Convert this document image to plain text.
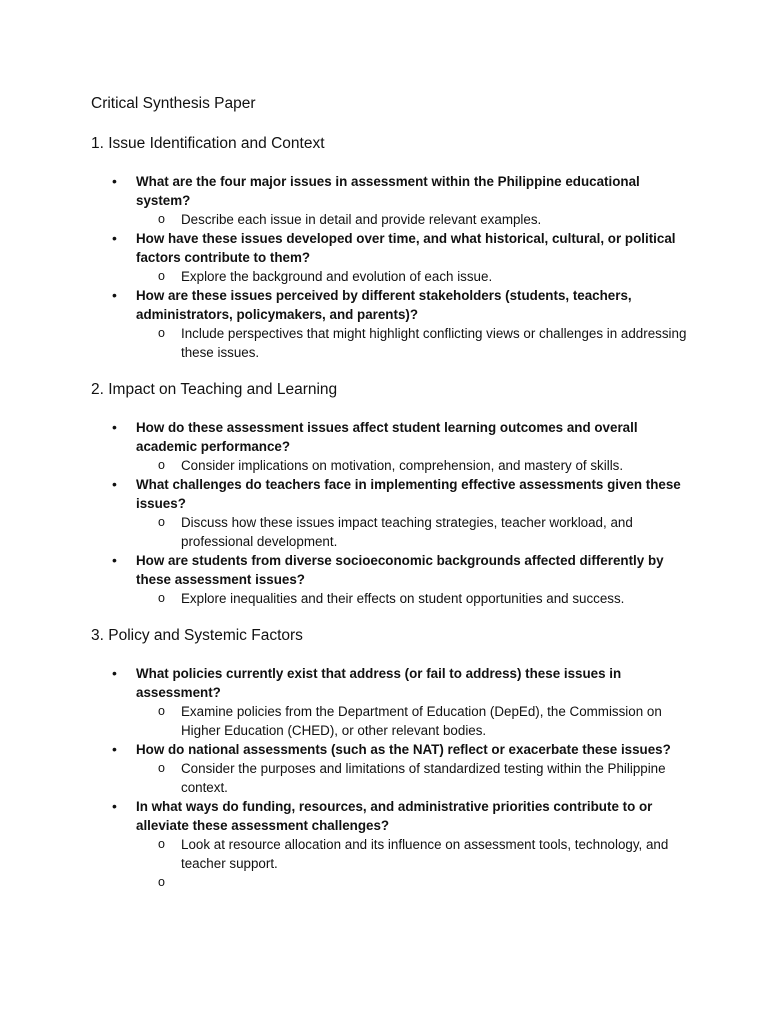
Critical Synthesis Paper
1. Issue Identification and Context
• What are the four major issues in assessment within the Philippine educational system?
o Describe each issue in detail and provide relevant examples.
• How have these issues developed over time, and what historical, cultural, or political factors contribute to them?
o Explore the background and evolution of each issue.
• How are these issues perceived by different stakeholders (students, teachers, administrators, policymakers, and parents)?
o Include perspectives that might highlight conflicting views or challenges in addressing these issues.
2. Impact on Teaching and Learning
• How do these assessment issues affect student learning outcomes and overall academic performance?
o Consider implications on motivation, comprehension, and mastery of skills.
• What challenges do teachers face in implementing effective assessments given these issues?
o Discuss how these issues impact teaching strategies, teacher workload, and professional development.
• How are students from diverse socioeconomic backgrounds affected differently by these assessment issues?
o Explore inequalities and their effects on student opportunities and success.
3. Policy and Systemic Factors
• What policies currently exist that address (or fail to address) these issues in assessment?
o Examine policies from the Department of Education (DepEd), the Commission on Higher Education (CHED), or other relevant bodies.
• How do national assessments (such as the NAT) reflect or exacerbate these issues?
o Consider the purposes and limitations of standardized testing within the Philippine context.
• In what ways do funding, resources, and administrative priorities contribute to or alleviate these assessment challenges?
o Look at resource allocation and its influence on assessment tools, technology, and teacher support.
o
